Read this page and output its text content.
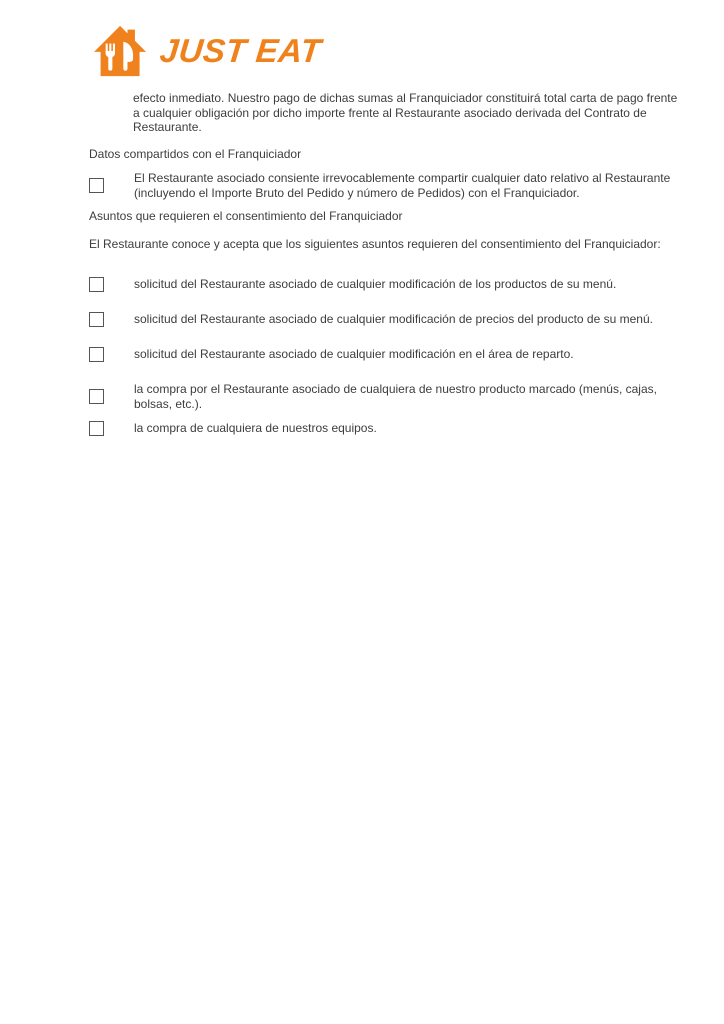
JUST EAT

efecto inmediato. Nuestro pago de dichas sumas al Franquiciador constituirá total carta de pago frente a cualquier obligación por dicho importe frente al Restaurante asociado derivada del Contrato de Restaurante.

Datos compartidos con el Franquiciador
El Restaurante asociado consiente irrevocablemente compartir cualquier dato relativo al Restaurante (incluyendo el Importe Bruto del Pedido y número de Pedidos) con el Franquiciador.
Asuntos que requieren el consentimiento del Franquiciador

El Restaurante conoce y acepta que los siguientes asuntos requieren del consentimiento del Franquiciador:

solicitud del Restaurante asociado de cualquier modificación de los productos de su menú.
solicitud del Restaurante asociado de cualquier modificación de precios del producto de su menú.
solicitud del Restaurante asociado de cualquier modificación en el área de reparto.
la compra por el Restaurante asociado de cualquiera de nuestro producto marcado (menús, cajas, bolsas, etc.).
la compra de cualquiera de nuestros equipos.
